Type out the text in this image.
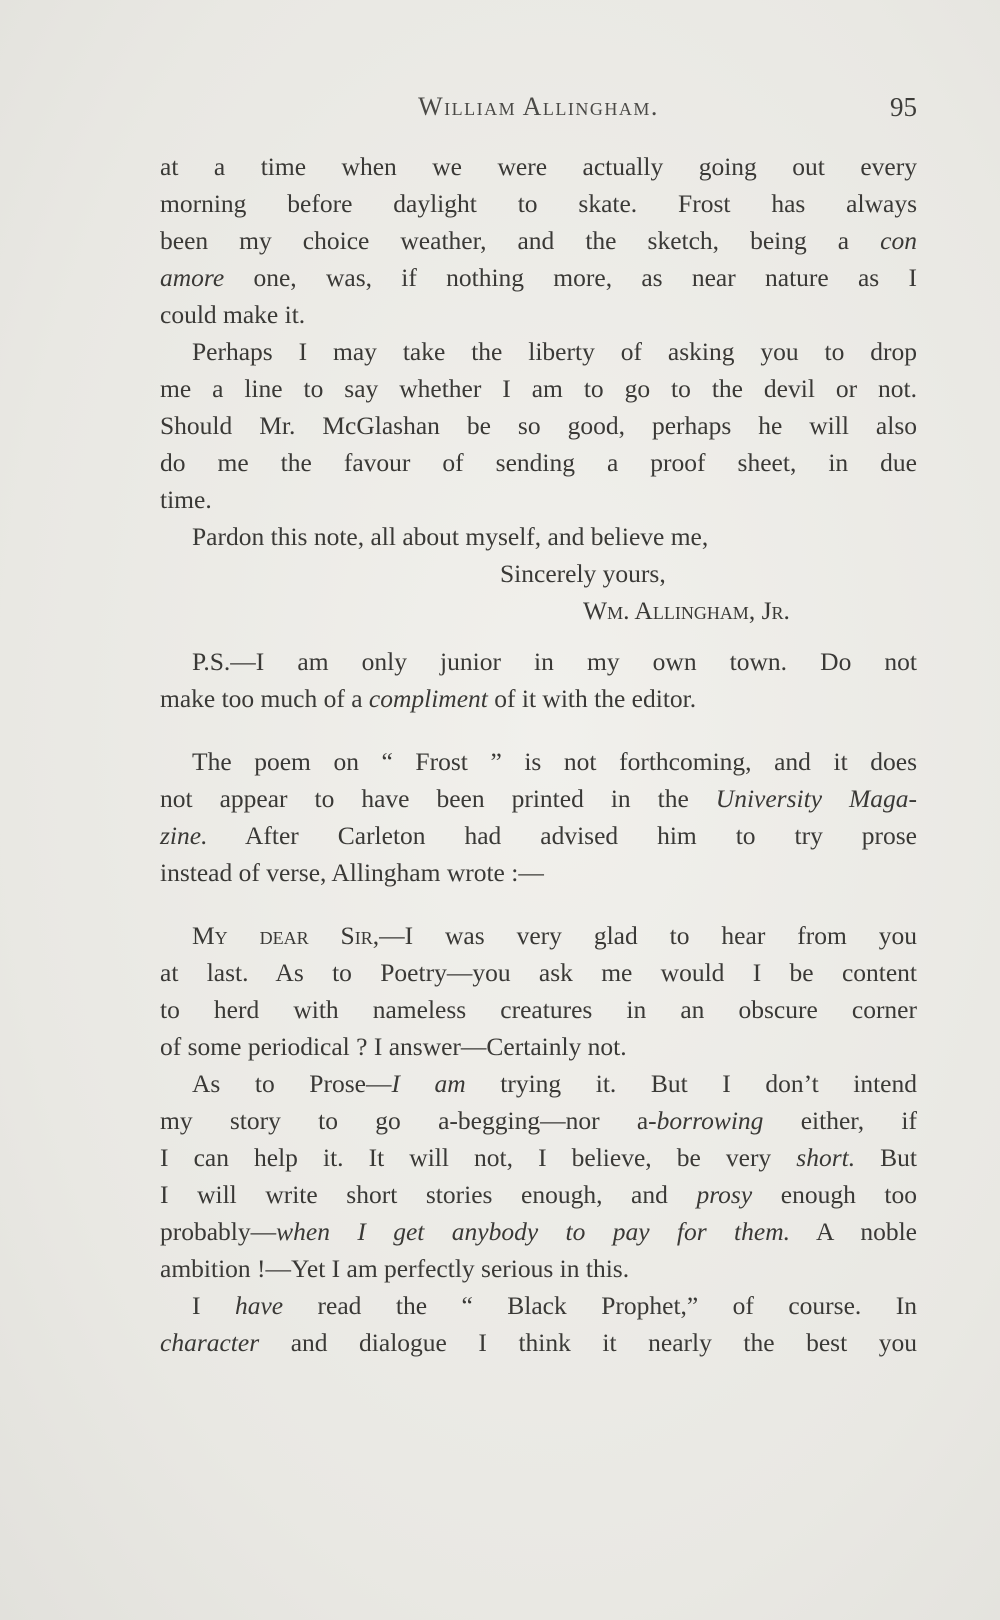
William Allingham.	95
at a time when we were actually going out every
morning before daylight to skate. Frost has always
been my choice weather, and the sketch, being a con
amore one, was, if nothing more, as near nature as I
could make it.
Perhaps I may take the liberty of asking you to drop
me a line to say whether I am to go to the devil or not.
Should Mr. McGlashan be so good, perhaps he will also
do me the favour of sending a proof sheet, in due
time.
Pardon this note, all about myself, and believe me,
Sincerely yours,
Wm. Allingham, Jr.
P.S.—I am only junior in my own town. Do not
make too much of a compliment of it with the editor.
The poem on “ Frost ” is not forthcoming, and it does
not appear to have been printed in the University Maga-
zine. After Carleton had advised him to try prose
instead of verse, Allingham wrote :—
My dear Sir,—I was very glad to hear from you
at last. As to Poetry—you ask me would I be content
to herd with nameless creatures in an obscure corner
of some periodical ? I answer—Certainly not.
As to Prose—I am trying it. But I don’t intend
my story to go a-begging—nor a-borrowing either, if
I can help it. It will not, I believe, be very short. But
I will write short stories enough, and prosy enough too
probably—when I get anybody to pay for them. A noble
ambition !—Yet I am perfectly serious in this.
I have read the “ Black Prophet,” of course. In
character and dialogue I think it nearly the best you
